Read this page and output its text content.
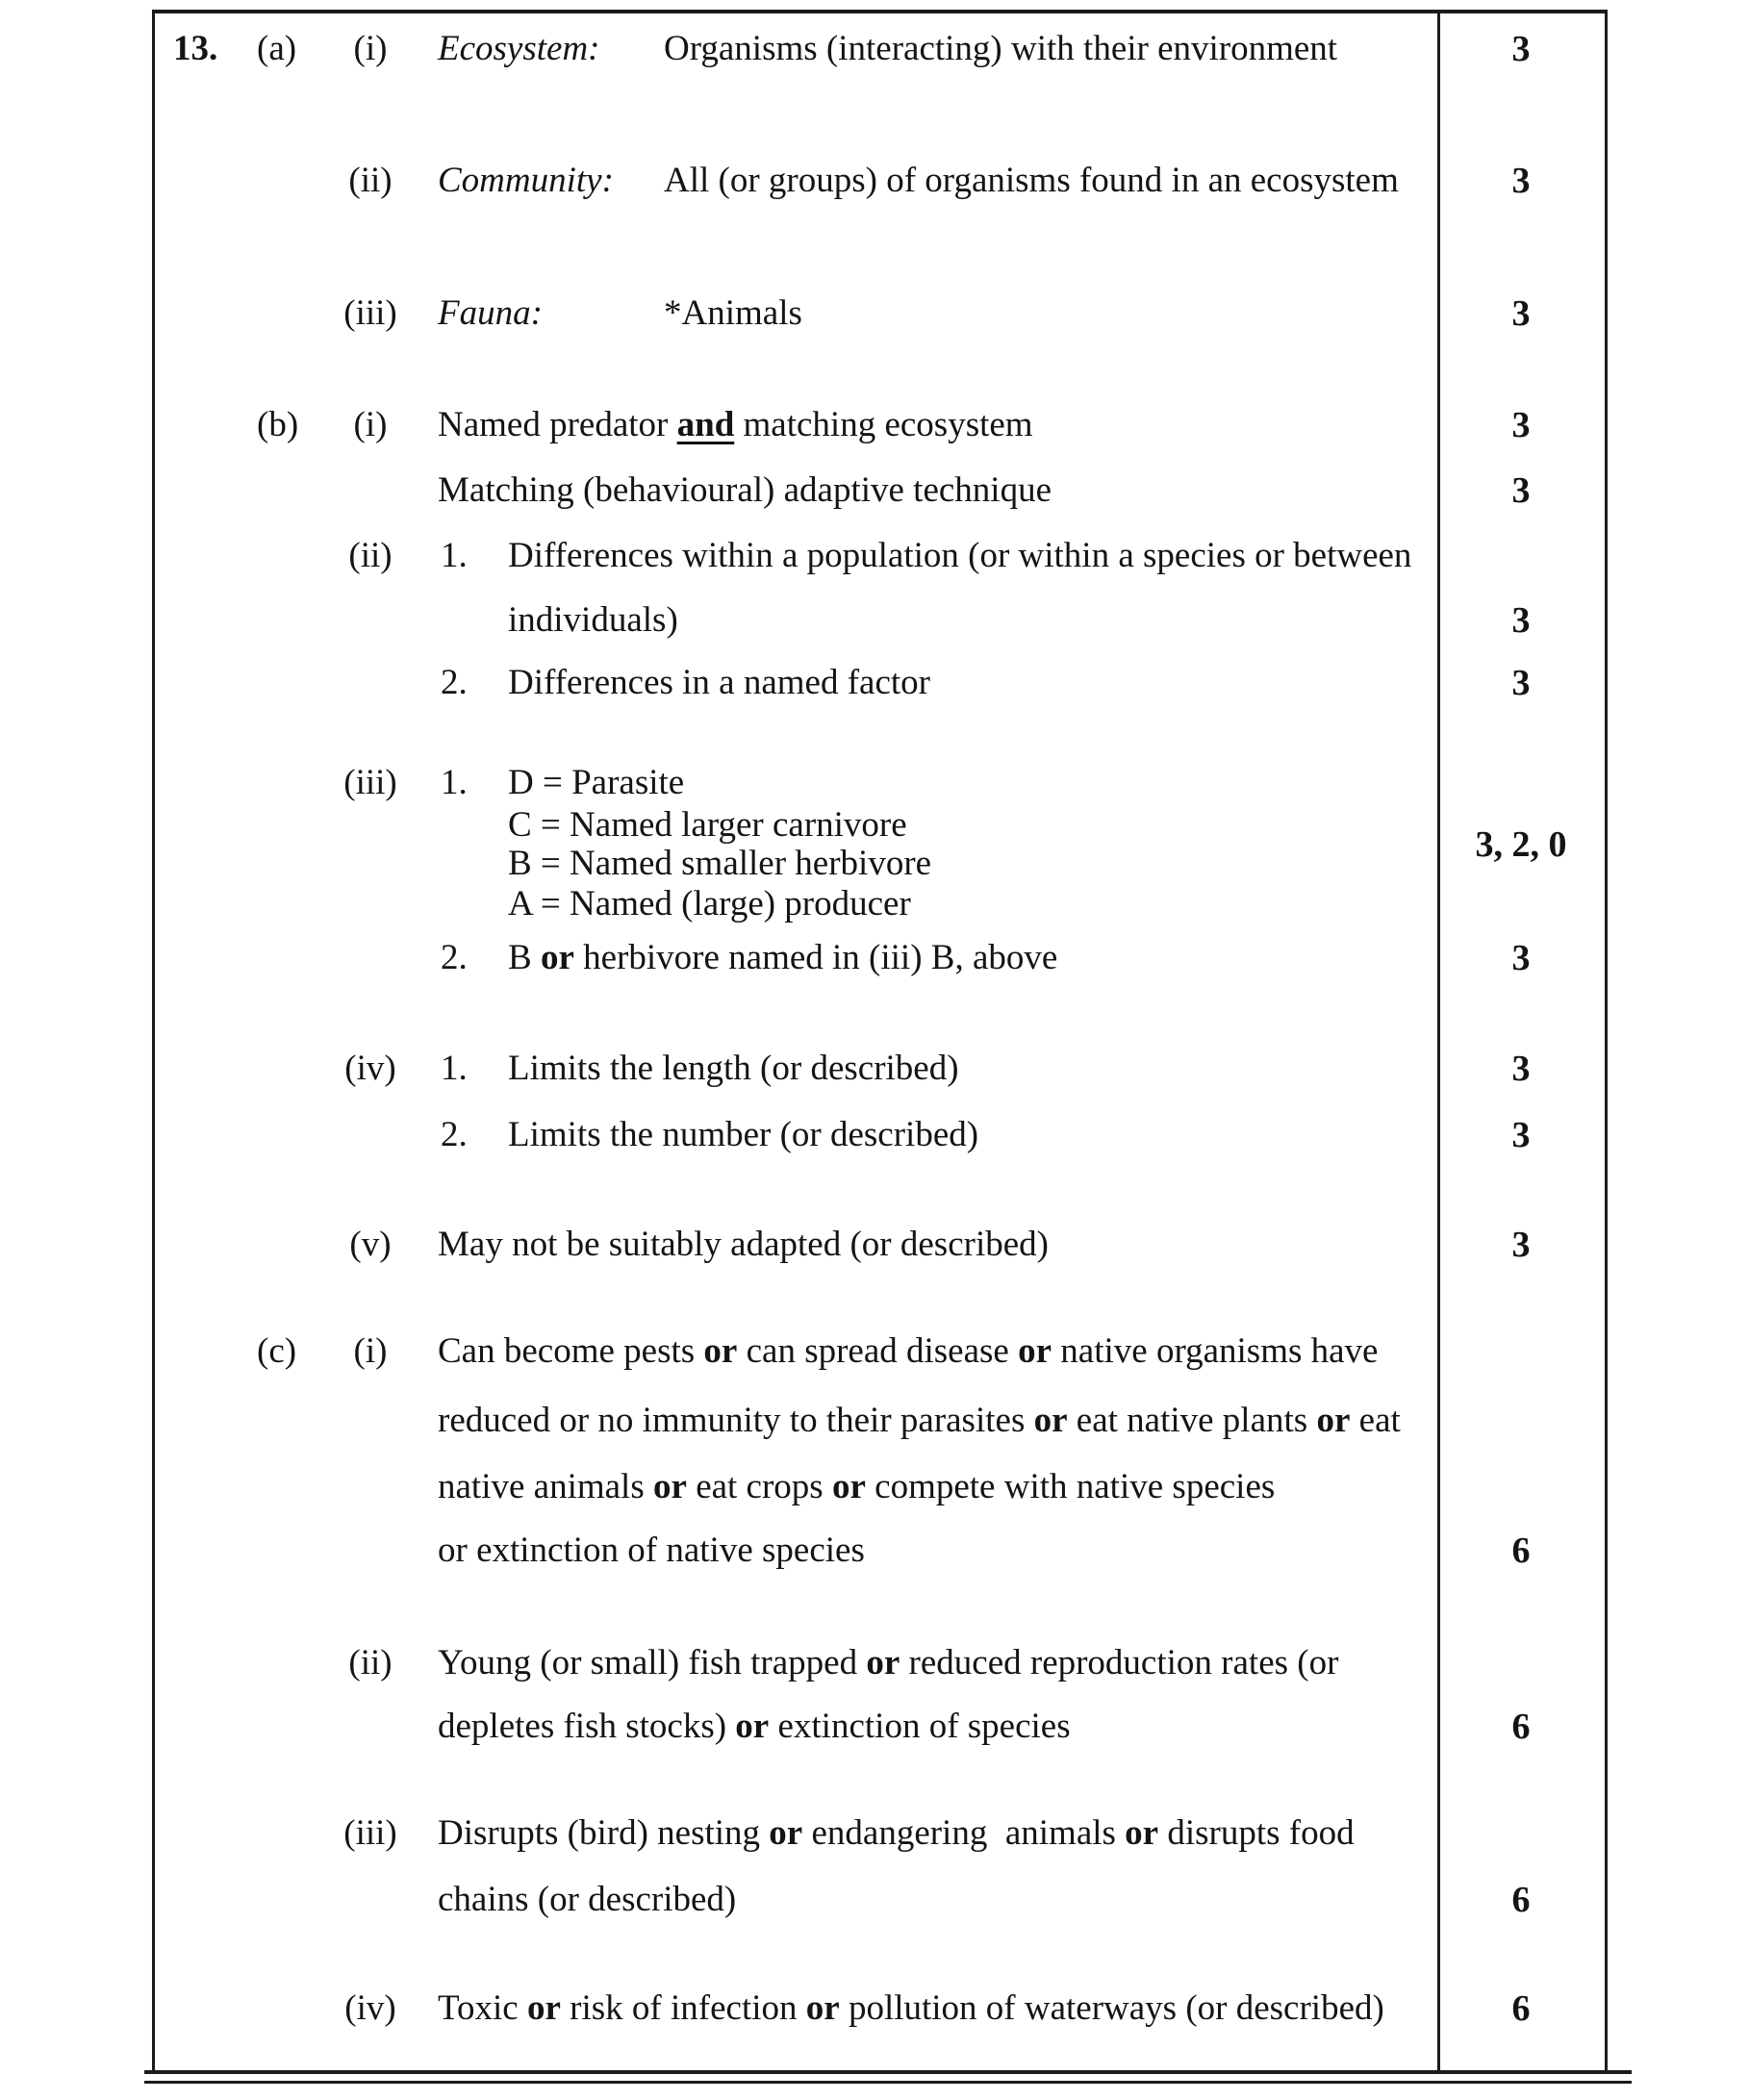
13. (a)	(i)	Ecosystem: Organisms (interacting) with their environment	3
(ii)	Community: All (or groups) of organisms found in an ecosystem	3
(iii)	Fauna:	*Animals	3
(b)	(i)	Named predator and matching ecosystem	3
Matching (behavioural) adaptive technique	3
(ii)	1. Differences within a population (or within a species or between
individuals)	3
2. Differences in a named factor	3
(iii)	1. D = Parasite
C = Named larger carnivore
B = Named smaller herbivore
A = Named (large) producer
3, 2, 0
2. B or herbivore named in (iii) B, above	3
(iv)	1. Limits the length (or described)	3
2. Limits the number (or described)	3
(v)	May not be suitably adapted (or described)	3
(c)	(i)	Can become pests or can spread disease or native organisms have
reduced or no immunity to their parasites or eat native plants or eat
native animals or eat crops or compete with native species
or extinction of native species	6
(ii)	Young (or small) fish trapped or reduced reproduction rates (or
depletes fish stocks) or extinction of species	6
(iii)	Disrupts (bird) nesting or endangering  animals or disrupts food
chains (or described)	6
(iv)	Toxic or risk of infection or pollution of waterways (or described)	6
